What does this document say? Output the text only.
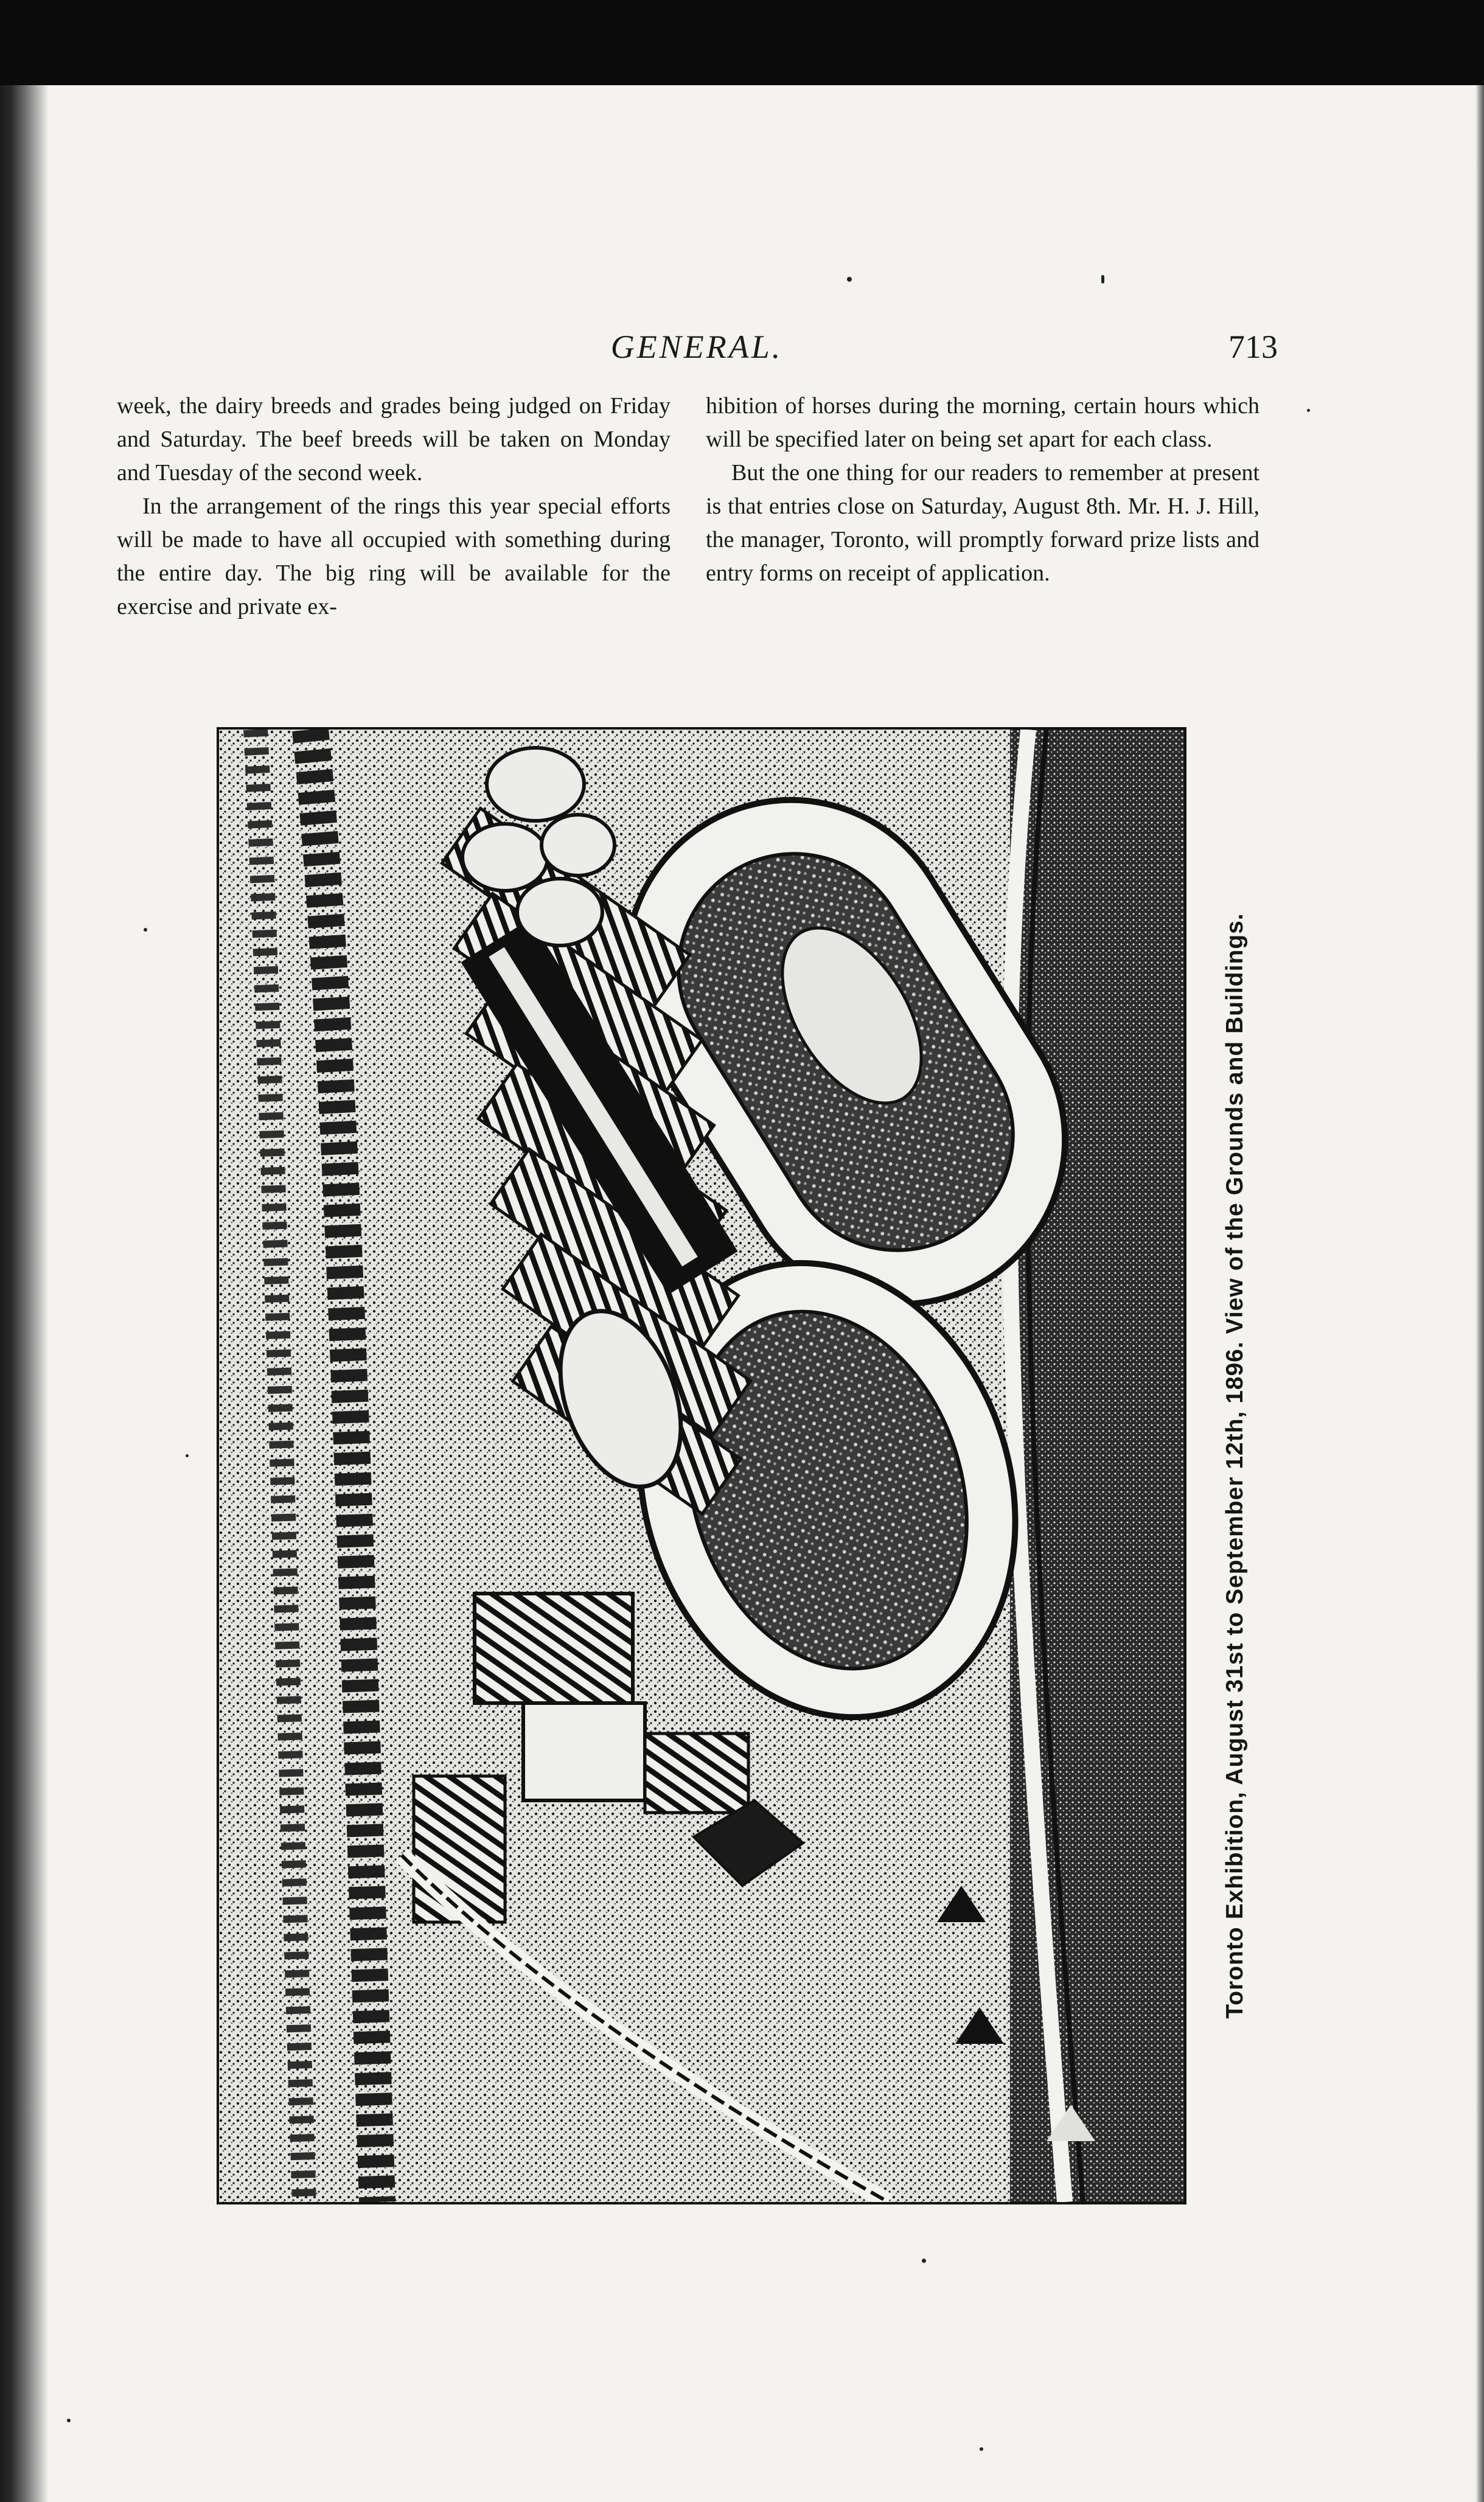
GENERAL.	713

week, the dairy breeds and grades being judged on Friday and Saturday. The beef breeds will be taken on Monday and Tuesday of the second week.

In the arrangement of the rings this year special efforts will be made to have all occupied with something during the entire day. The big ring will be available for the exercise and private ex-

hibition of horses during the morning, certain hours which will be specified later on being set apart for each class.

But the one thing for our readers to remember at present is that entries close on Saturday, August 8th. Mr. H. J. Hill, the manager, Toronto, will promptly forward prize lists and entry forms on receipt of application.

Toronto Exhibition, August 31st to September 12th, 1896. View of the Grounds and Buildings.
